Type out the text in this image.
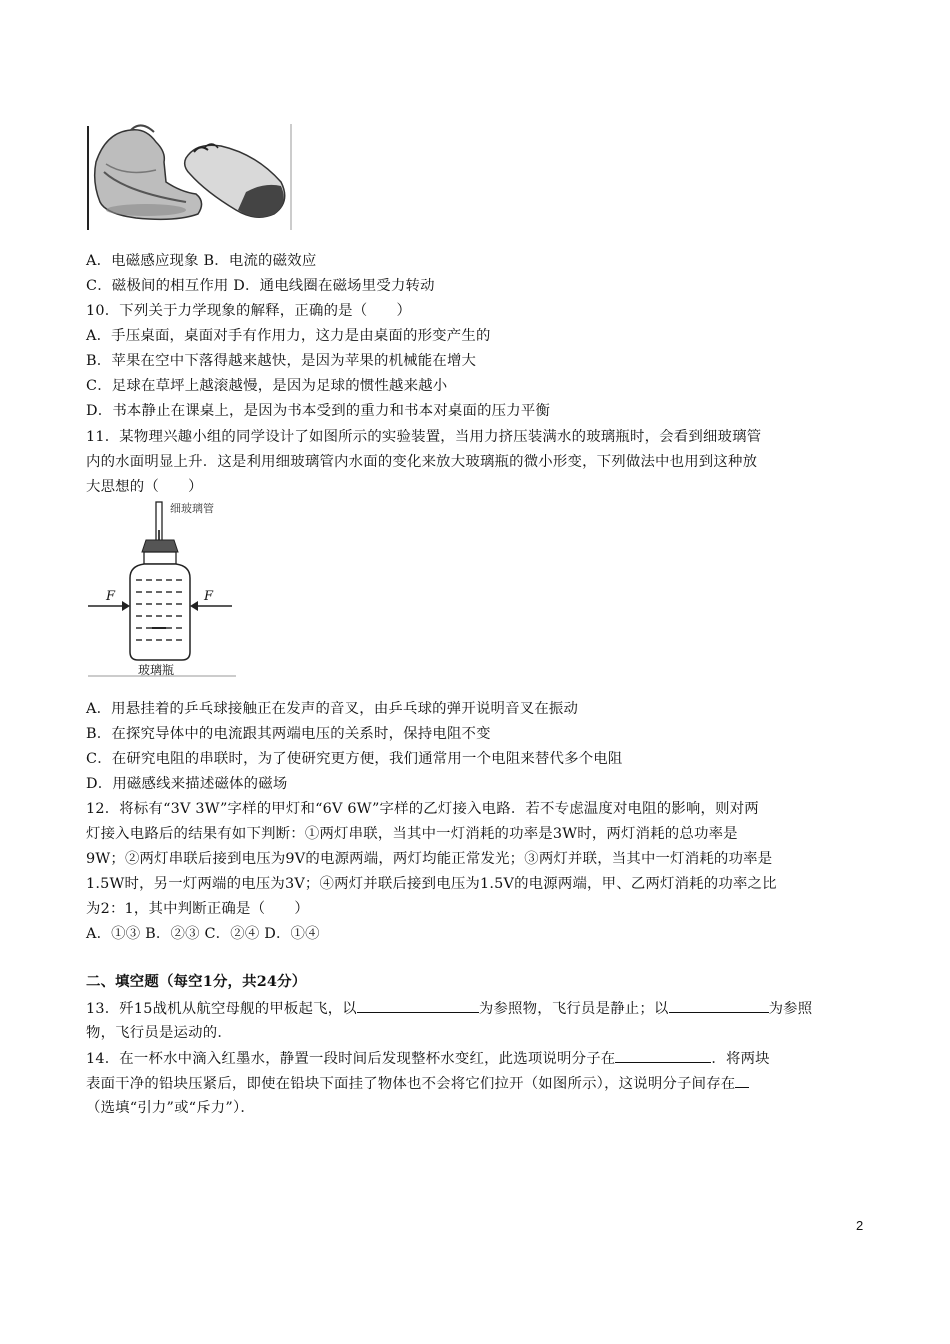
A．电磁感应现象 B．电流的磁效应
C．磁极间的相互作用 D．通电线圈在磁场里受力转动
10．下列关于力学现象的解释，正确的是（　　）
A．手压桌面，桌面对手有作用力，这力是由桌面的形变产生的
B．苹果在空中下落得越来越快，是因为苹果的机械能在增大
C．足球在草坪上越滚越慢，是因为足球的惯性越来越小
D．书本静止在课桌上，是因为书本受到的重力和书本对桌面的压力平衡
11．某物理兴趣小组的同学设计了如图所示的实验装置，当用力挤压装满水的玻璃瓶时，会看到细玻璃管
内的水面明显上升．这是利用细玻璃管内水面的变化来放大玻璃瓶的微小形变，下列做法中也用到这种放
大思想的（　　）
细玻璃管
玻璃瓶
F	F
A．用悬挂着的乒乓球接触正在发声的音叉，由乒乓球的弹开说明音叉在振动
B．在探究导体中的电流跟其两端电压的关系时，保持电阻不变
C．在研究电阻的串联时，为了使研究更方便，我们通常用一个电阻来替代多个电阻
D．用磁感线来描述磁体的磁场
12．将标有“3V 3W”字样的甲灯和“6V 6W”字样的乙灯接入电路．若不专虑温度对电阻的影响，则对两
灯接入电路后的结果有如下判断：①两灯串联，当其中一灯消耗的功率是3W时，两灯消耗的总功率是
9W；②两灯串联后接到电压为9V的电源两端，两灯均能正常发光；③两灯并联，当其中一灯消耗的功率是
1.5W时，另一灯两端的电压为3V；④两灯并联后接到电压为1.5V的电源两端，甲、乙两灯消耗的功率之比
为2：1，其中判断正确是（　　）
A．①③ B．②③ C．②④ D．①④
二、填空题（每空1分，共24分）
13．歼15战机从航空母舰的甲板起飞，以	为参照物，飞行员是静止；以	为参照
物，飞行员是运动的．
14．在一杯水中滴入红墨水，静置一段时间后发现整杯水变红，此选项说明分子在	．将两块
表面干净的铅块压紧后，即使在铅块下面挂了物体也不会将它们拉开（如图所示），这说明分子间存在
（选填“引力”或“斥力”）．
2
